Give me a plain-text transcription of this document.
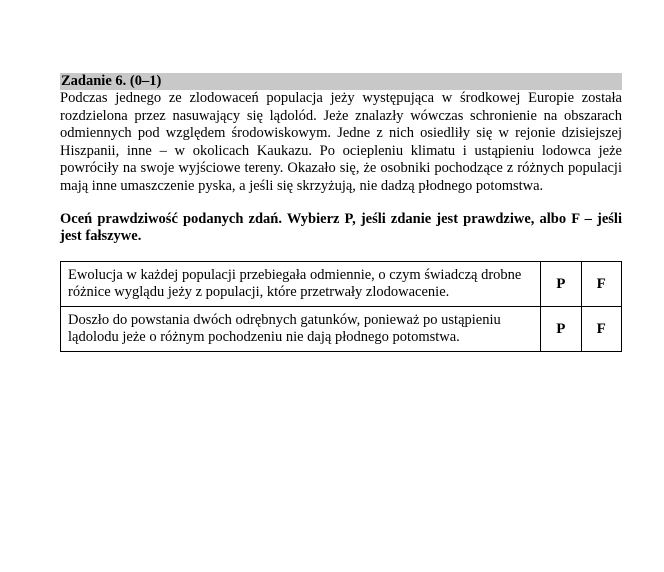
Zadanie 6. (0–1)

Podczas jednego ze zlodowaceń populacja jeży występująca w środkowej Europie została rozdzielona przez nasuwający się lądolód. Jeże znalazły wówczas schronienie na obszarach odmiennych pod względem środowiskowym. Jedne z nich osiedliły się w rejonie dzisiejszej Hiszpanii, inne – w okolicach Kaukazu. Po ociepleniu klimatu i ustąpieniu lodowca jeże powróciły na swoje wyjściowe tereny. Okazało się, że osobniki pochodzące z różnych populacji mają inne umaszczenie pyska, a jeśli się skrzyżują, nie dadzą płodnego potomstwa.

Oceń prawdziwość podanych zdań. Wybierz P, jeśli zdanie jest prawdziwe, albo F – jeśli jest fałszywe.

Ewolucja w każdej populacji przebiegała odmiennie, o czym świadczą drobne różnice wyglądu jeży z populacji, które przetrwały zlodowacenie.	P	F
Doszło do powstania dwóch odrębnych gatunków, ponieważ po ustąpieniu lądolodu jeże o różnym pochodzeniu nie dają płodnego potomstwa.	P	F
